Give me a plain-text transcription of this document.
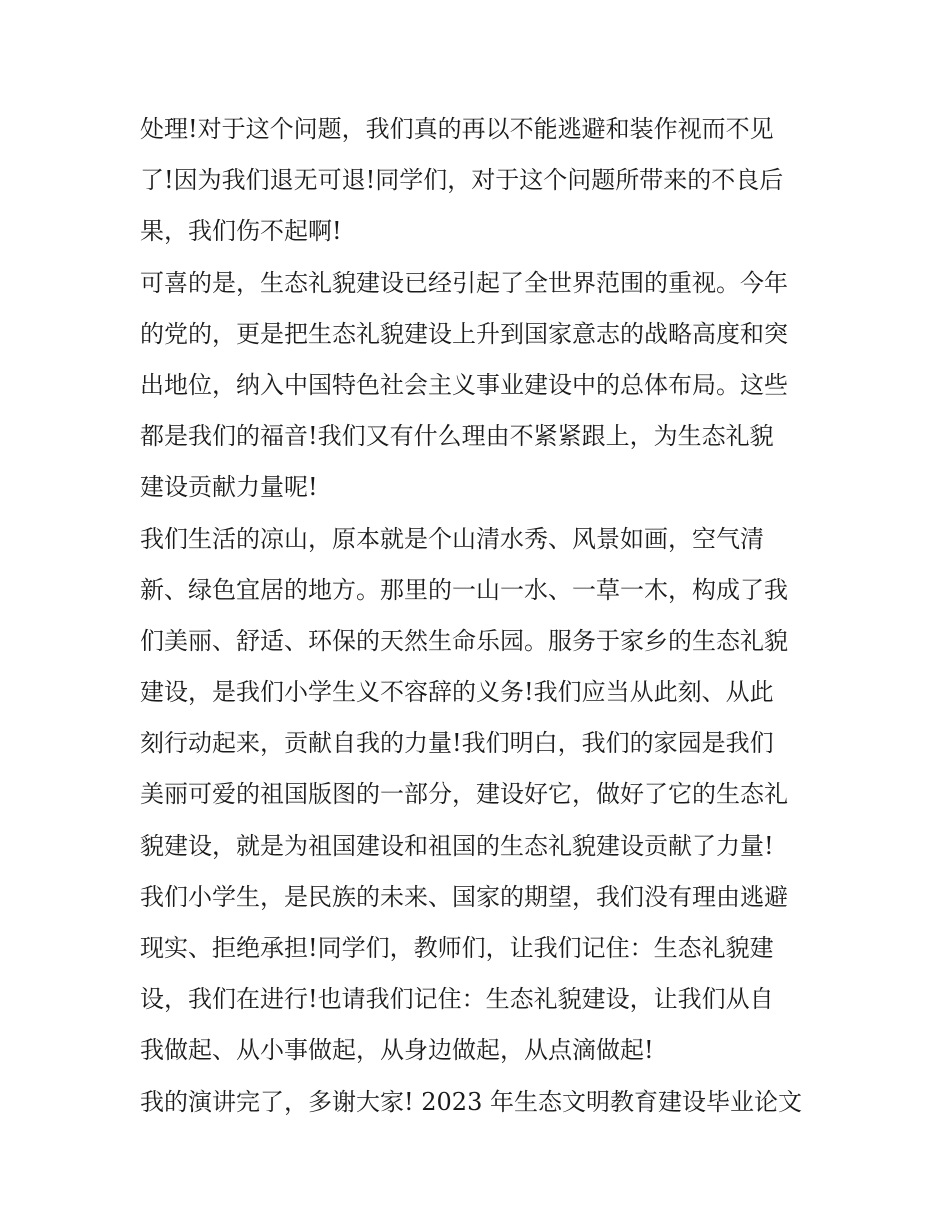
处理!对于这个问题，我们真的再以不能逃避和装作视而不见
了!因为我们退无可退!同学们，对于这个问题所带来的不良后
果，我们伤不起啊!
可喜的是，生态礼貌建设已经引起了全世界范围的重视。今年
的党的，更是把生态礼貌建设上升到国家意志的战略高度和突
出地位，纳入中国特色社会主义事业建设中的总体布局。这些
都是我们的福音!我们又有什么理由不紧紧跟上，为生态礼貌
建设贡献力量呢!
我们生活的凉山，原本就是个山清水秀、风景如画，空气清
新、绿色宜居的地方。那里的一山一水、一草一木，构成了我
们美丽、舒适、环保的天然生命乐园。服务于家乡的生态礼貌
建设，是我们小学生义不容辞的义务!我们应当从此刻、从此
刻行动起来，贡献自我的力量!我们明白，我们的家园是我们
美丽可爱的祖国版图的一部分，建设好它，做好了它的生态礼
貌建设，就是为祖国建设和祖国的生态礼貌建设贡献了力量!
我们小学生，是民族的未来、国家的期望，我们没有理由逃避
现实、拒绝承担!同学们，教师们，让我们记住：生态礼貌建
设，我们在进行!也请我们记住：生态礼貌建设，让我们从自
我做起、从小事做起，从身边做起，从点滴做起!
我的演讲完了，多谢大家! 2023 年生态文明教育建设毕业论文
